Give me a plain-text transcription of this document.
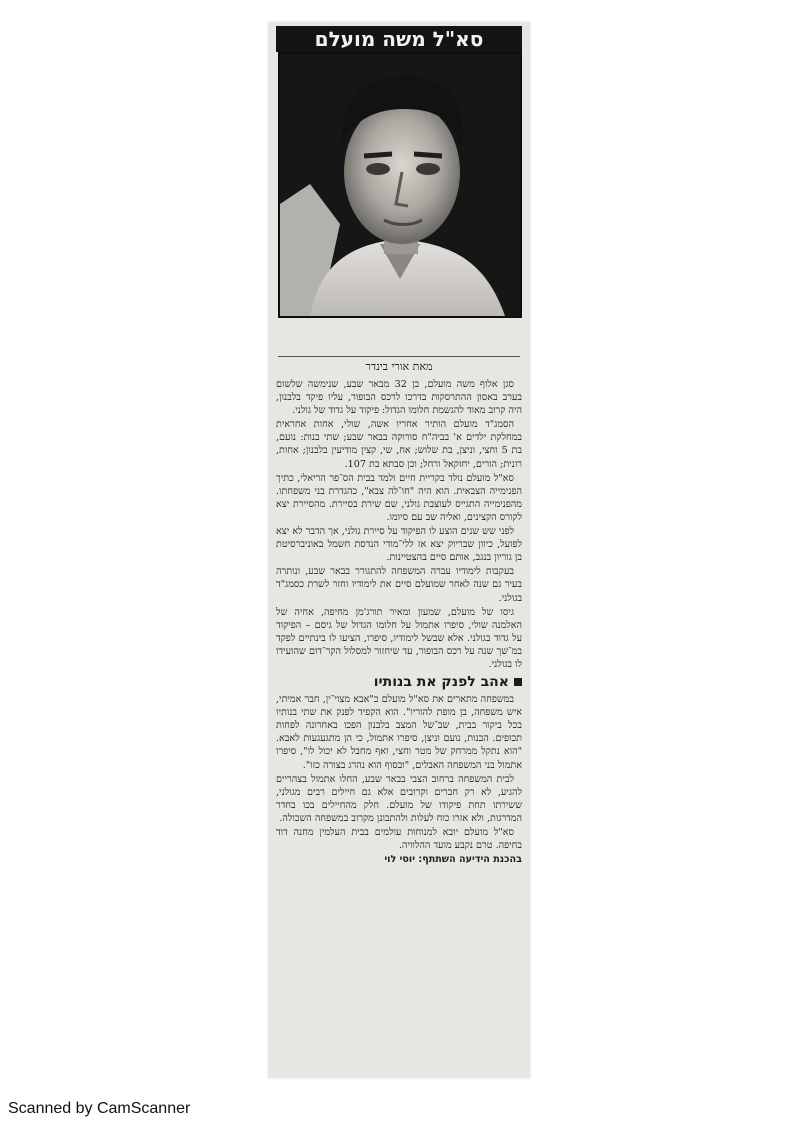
סא"ל משה מועלם
מאת אורי בינדר

סגן אלוף משה מועלם, בן 32 מבאר שבע, שנימשה שלשום בערב באסון ההתרסקות בדרכו לרכס הבופור, עליו פיקד בלבנון, היה קרוב מאוד להגשמת חלומו הגדול: פיקוד על גדוד של גולני.

הסמג"ד מועלם הותיר אחריו אשה, שולי, אחות אחראית במחלקת ילדים א' בביה"ח סורוקה בבאר שבע; שתי בנות: נועם, בת 5 וחצי, וניצן, בת שלוש; אח, שי, קצין מודיעין בלבנון; אחות, רונית; הורים, יחזקאל ורחל; וכן סבתא בת 107.

סא"ל מועלם נולד בקריית חיים ולמד בבית הס־פר הריאלי, כתיך הפנימייה הצבאית. הוא היה "חו־לה צבא", כהגדרת בני משפחתו. מהפנימייה התגייס לעוצבת גולני, שם שירת בסיירת. מהסיירת יצא לקורס הקצינים, ואליה שב עם סיומו.

לפני שש שנים הוצע לו הפיקוד על סיירת גולני, אך הדבר לא יצא לפועל, כיוון שבריוק יצא אז ללי־מודי הנדסת חשמל באוניברסיטת בן גוריון בנגב, אותם סיים בהצטיינות.

בעקבות לימודיו עברה המשפחה להתגורר בבאר שבע, ונותרה בעיר גם שנה לאחר שמועלם סיים את לימודיו וחזר לשרת כסמג"ד בגולני.

גיסו של מועלם, שמעון ומאיר תורג'מן מחיפה, אחיה של האלמנה שולי, סיפרו אתמול על חלומו הגדול של גיסם – הפיקוד על גדוד בגולני. אלא שבשל לימודיו, סיפרו, הציעו לו בינתיים לפקד במ־שך שנה על רכס הבופור, עד שיחזור למסלול הקר־דום שהועידו לו בגולני.

אהב לפנק את בנותיו

במשפחה מתארים את סא"ל מועלם כ"אבא מצוי־ין, חבר אמיתי, איש משפחה, בן מופת להוריו". הוא הקפיד לפנק את שתי בנותיו בכל ביקור בבית, שב־של המצב בלבנון הפכו באחרונה לפחות תכופים. הבנות, נועם וניצן, סיפרו אתמול, כי הן מתגעגעות לאבא. "הוא נתקל ממרחק של מטר וחצי, ואף מחבל לא יכול לו", סיפרו אתמול בני המשפחה האבלים, "ובסוף הוא נהרג בצורה כזו".

לבית המשפחה ברחוב הצבי בבאר שבע, החלו אתמול בצהריים להגיע, לא רק חברים וקרובים אלא גם חיילים רבים מגולני, ששירתו תחת פיקודו של מועלם. חלק מהחיילים בכו בחדר המדרגות, ולא אזרו כוח לעלות ולהתבונן מקרוב במשפחה השכולה.

סא"ל מועלם יובא למנוחות עולמים בבית העלמין מחנה דוד בחיפה. טרם נקבע מועד ההלוויה.

בהכנת הידיעה השתתף: יוסי לוי

Scanned by CamScanner
